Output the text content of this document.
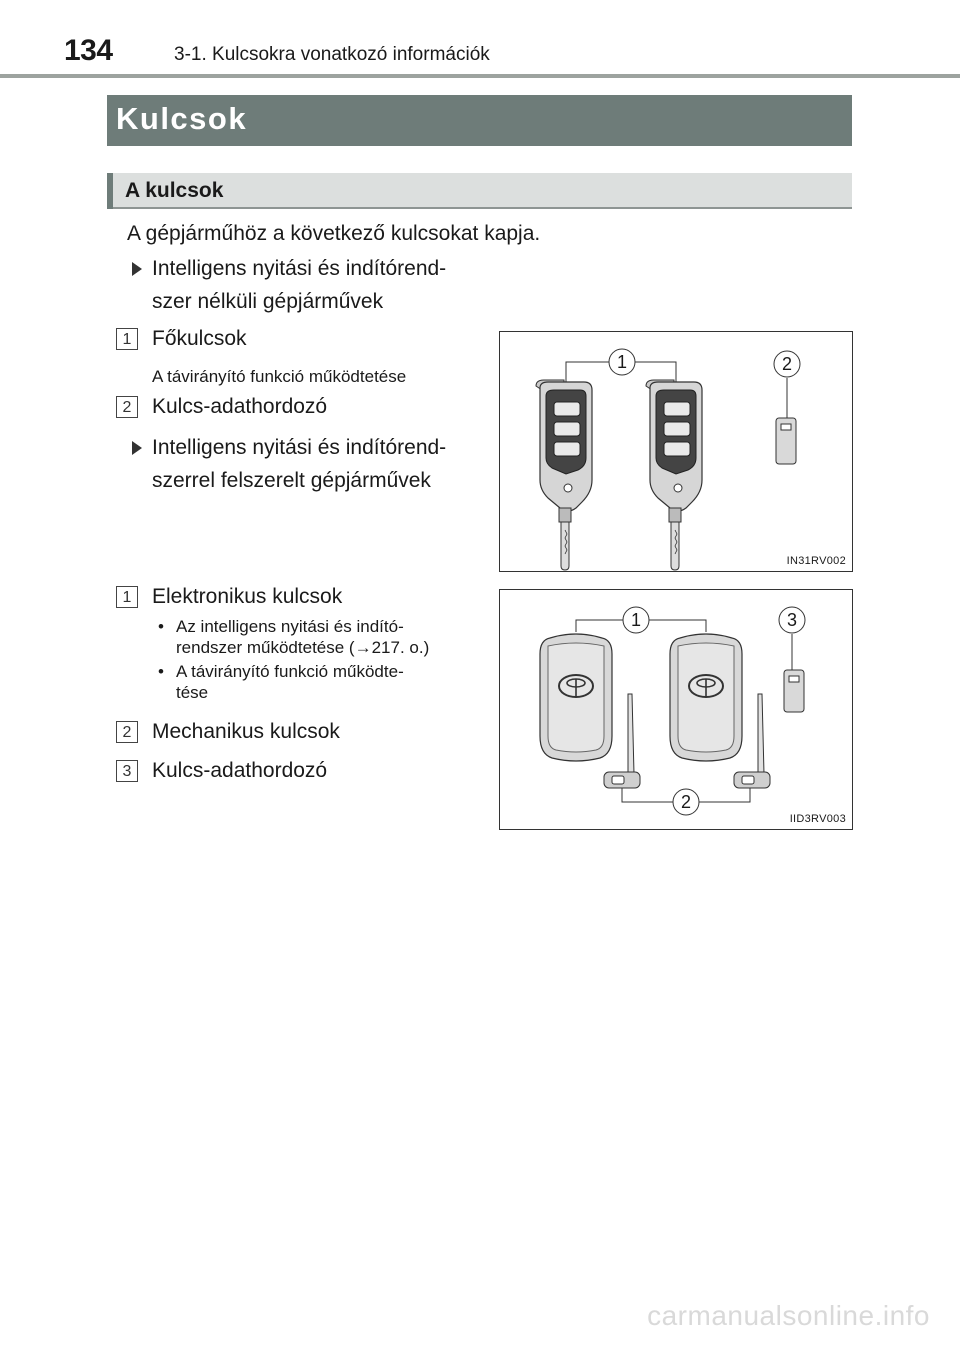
134	3-1. Kulcsokra vonatkozó információk
Kulcsok
A kulcsok
A gépjárműhöz a következő kulcsokat kapja.
Intelligens nyitási és indítórend-
szer nélküli gépjárművek
1 Főkulcsok
A távirányító funkció működtetése
2 Kulcs-adathordozó
Intelligens nyitási és indítórend-
szerrel felszerelt gépjárművek
1 Elektronikus kulcsok
• Az intelligens nyitási és indító-
rendszer működtetése (→217. o.)
• A távirányító funkció működte-
tése
2 Mechanikus kulcsok
3 Kulcs-adathordozó
1	2
IN31RV002
1	3
2
IID3RV003
carmanualsonline.info
